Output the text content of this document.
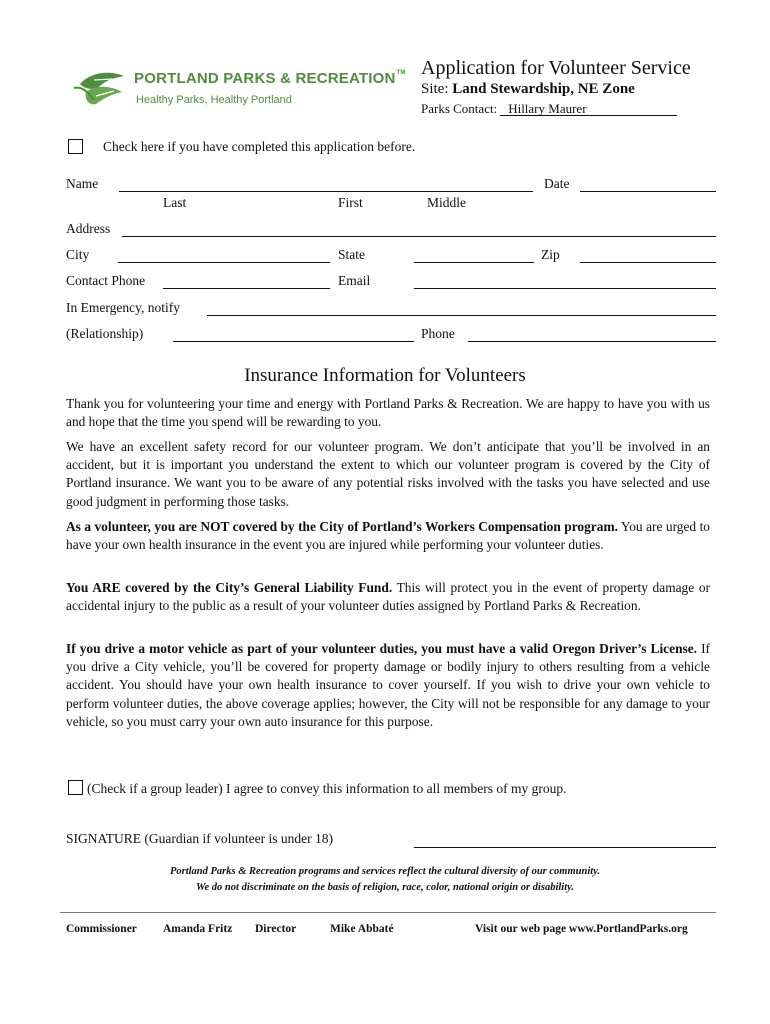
PORTLAND PARKS & RECREATION™
Healthy Parks, Healthy Portland
Application for Volunteer Service
Site: Land Stewardship, NE Zone
Parks Contact: Hillary Maurer
Check here if you have completed this application before.
Name	Date
Last	First	Middle
Address
City	State	Zip
Contact Phone	Email
In Emergency, notify
(Relationship)	Phone
Insurance Information for Volunteers
Thank you for volunteering your time and energy with Portland Parks & Recreation. We are happy to have you with us and hope that the time you spend will be rewarding to you.
We have an excellent safety record for our volunteer program. We don’t anticipate that you’ll be involved in an accident, but it is important you understand the extent to which our volunteer program is covered by the City of Portland insurance. We want you to be aware of any potential risks involved with the tasks you have selected and use good judgment in performing those tasks.
As a volunteer, you are NOT covered by the City of Portland’s Workers Compensation program. You are urged to have your own health insurance in the event you are injured while performing your volunteer duties.
You ARE covered by the City’s General Liability Fund. This will protect you in the event of property damage or accidental injury to the public as a result of your volunteer duties assigned by Portland Parks & Recreation.
If you drive a motor vehicle as part of your volunteer duties, you must have a valid Oregon Driver’s License. If you drive a City vehicle, you’ll be covered for property damage or bodily injury to others resulting from a vehicle accident. You should have your own health insurance to cover yourself. If you wish to drive your own vehicle to perform volunteer duties, the above coverage applies; however, the City will not be responsible for any damage to your vehicle, so you must carry your own auto insurance for this purpose.
(Check if a group leader) I agree to convey this information to all members of my group.
SIGNATURE (Guardian if volunteer is under 18)
Portland Parks & Recreation programs and services reflect the cultural diversity of our community.
We do not discriminate on the basis of religion, race, color, national origin or disability.
Commissioner Amanda Fritz Director	Mike Abbaté	Visit our web page www.PortlandParks.org
